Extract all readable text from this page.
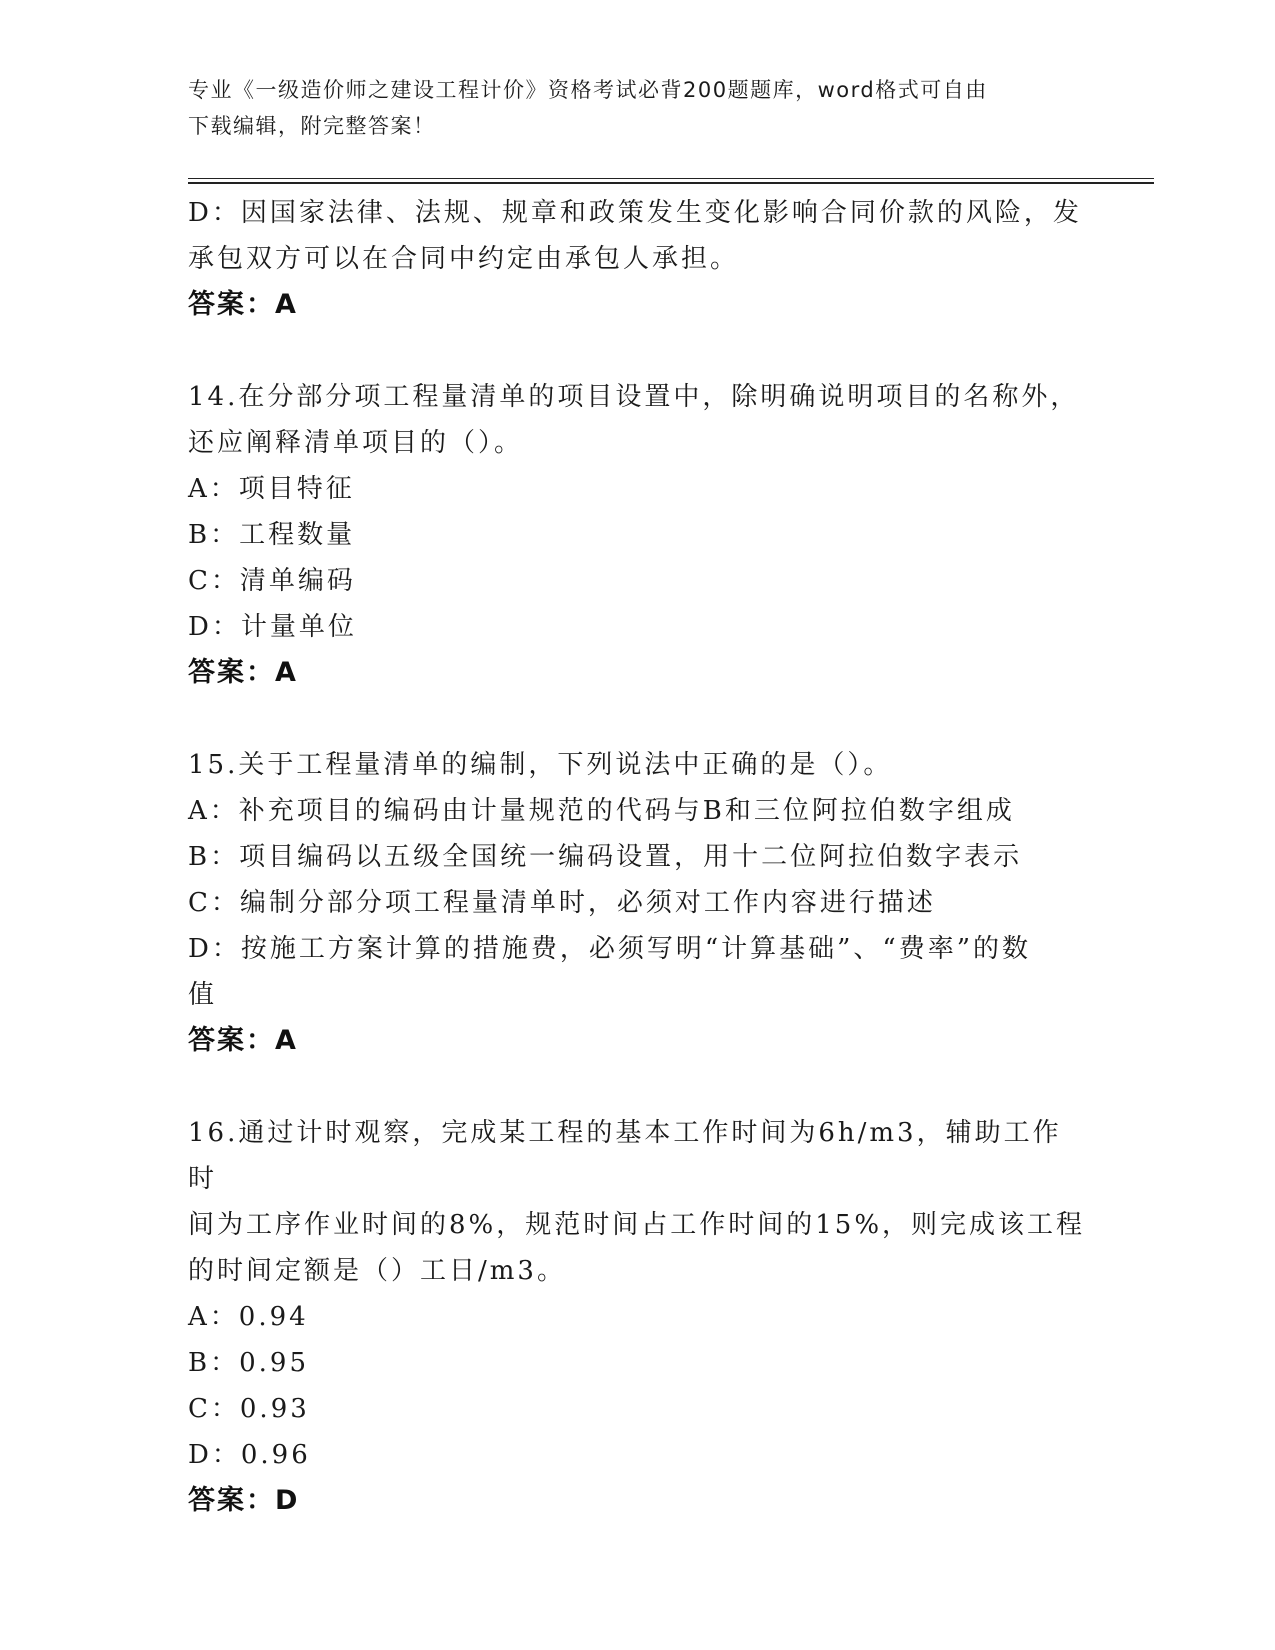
专业《一级造价师之建设工程计价》资格考试必背200题题库，word格式可自由
下载编辑，附完整答案！
D：因国家法律、法规、规章和政策发生变化影响合同价款的风险，发
承包双方可以在合同中约定由承包人承担。
答案：A
14.在分部分项工程量清单的项目设置中，除明确说明项目的名称外，
还应阐释清单项目的（）。
A：项目特征
B：工程数量
C：清单编码
D：计量单位
答案：A
15.关于工程量清单的编制，下列说法中正确的是（）。
A：补充项目的编码由计量规范的代码与B和三位阿拉伯数字组成
B：项目编码以五级全国统一编码设置，用十二位阿拉伯数字表示
C：编制分部分项工程量清单时，必须对工作内容进行描述
D：按施工方案计算的措施费，必须写明“计算基础”、“费率”的数
值
答案：A
16.通过计时观察，完成某工程的基本工作时间为6h/m3，辅助工作时
间为工序作业时间的8%，规范时间占工作时间的15%，则完成该工程
的时间定额是（）工日/m3。
A：0.94
B：0.95
C：0.93
D：0.96
答案：D
